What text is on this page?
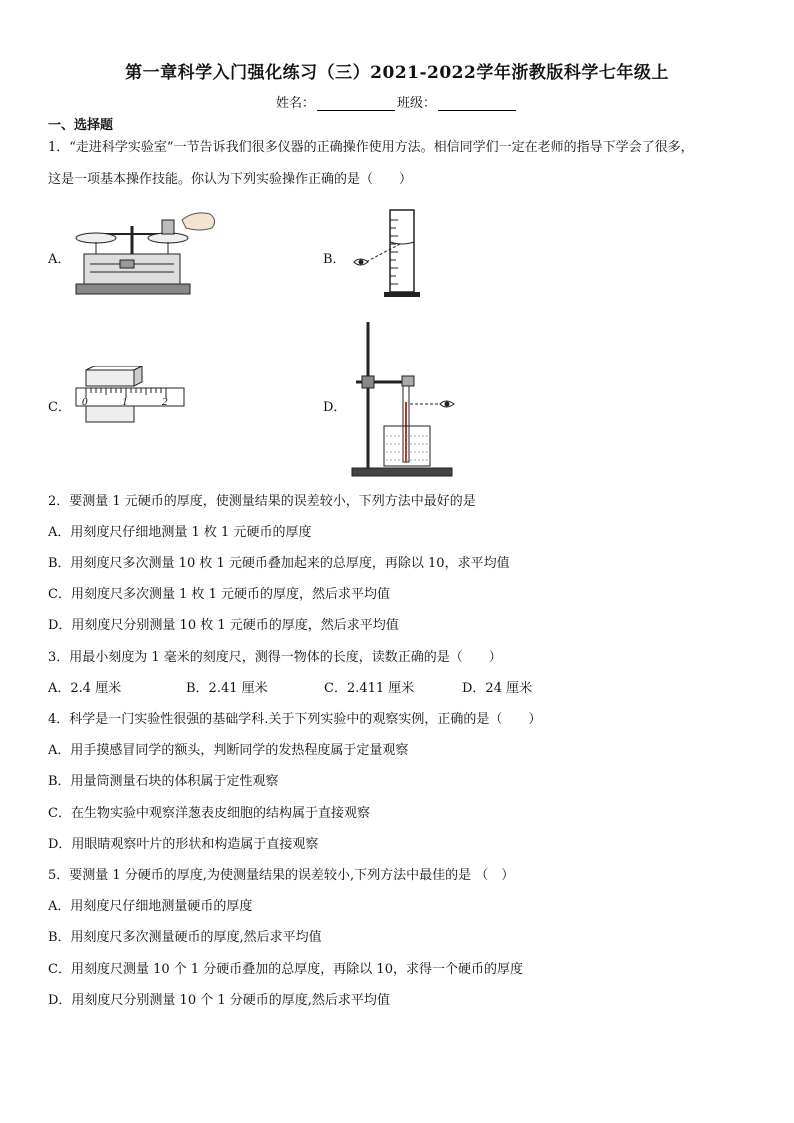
第一章科学入门强化练习（三）2021-2022学年浙教版科学七年级上
姓名：	班级：
一、选择题
1．“走进科学实验室”一节告诉我们很多仪器的正确操作使用方法。相信同学们一定在老师的指导下学会了很多，
这是一项基本操作技能。你认为下列实验操作正确的是（　　）
A．	B．
C．	D．
0	1	2
2．要测量 1 元硬币的厚度，使测量结果的误差较小，下列方法中最好的是
A．用刻度尺仔细地测量 1 枚 1 元硬币的厚度
B．用刻度尺多次测量 10 枚 1 元硬币叠加起来的总厚度，再除以 10，求平均值
C．用刻度尺多次测量 1 枚 1 元硬币的厚度，然后求平均值
D．用刻度尺分别测量 10 枚 1 元硬币的厚度，然后求平均值
3．用最小刻度为 1 毫米的刻度尺，测得一物体的长度，读数正确的是（　　）
A．2.4 厘米	B．2.41 厘米	C．2.411 厘米	D．24 厘米
4．科学是一门实验性很强的基础学科.关于下列实验中的观察实例，正确的是（　　）
A．用手摸感冒同学的额头，判断同学的发热程度属于定量观察
B．用量筒测量石块的体积属于定性观察
C．在生物实验中观察洋葱表皮细胞的结构属于直接观察
D．用眼睛观察叶片的形状和构造属于直接观察
5．要测量 1 分硬币的厚度,为使测量结果的误差较小,下列方法中最佳的是 （　）
A．用刻度尺仔细地测量硬币的厚度
B．用刻度尺多次测量硬币的厚度,然后求平均值
C．用刻度尺测量 10 个 1 分硬币叠加的总厚度，再除以 10，求得一个硬币的厚度
D．用刻度尺分别测量 10 个 1 分硬币的厚度,然后求平均值
